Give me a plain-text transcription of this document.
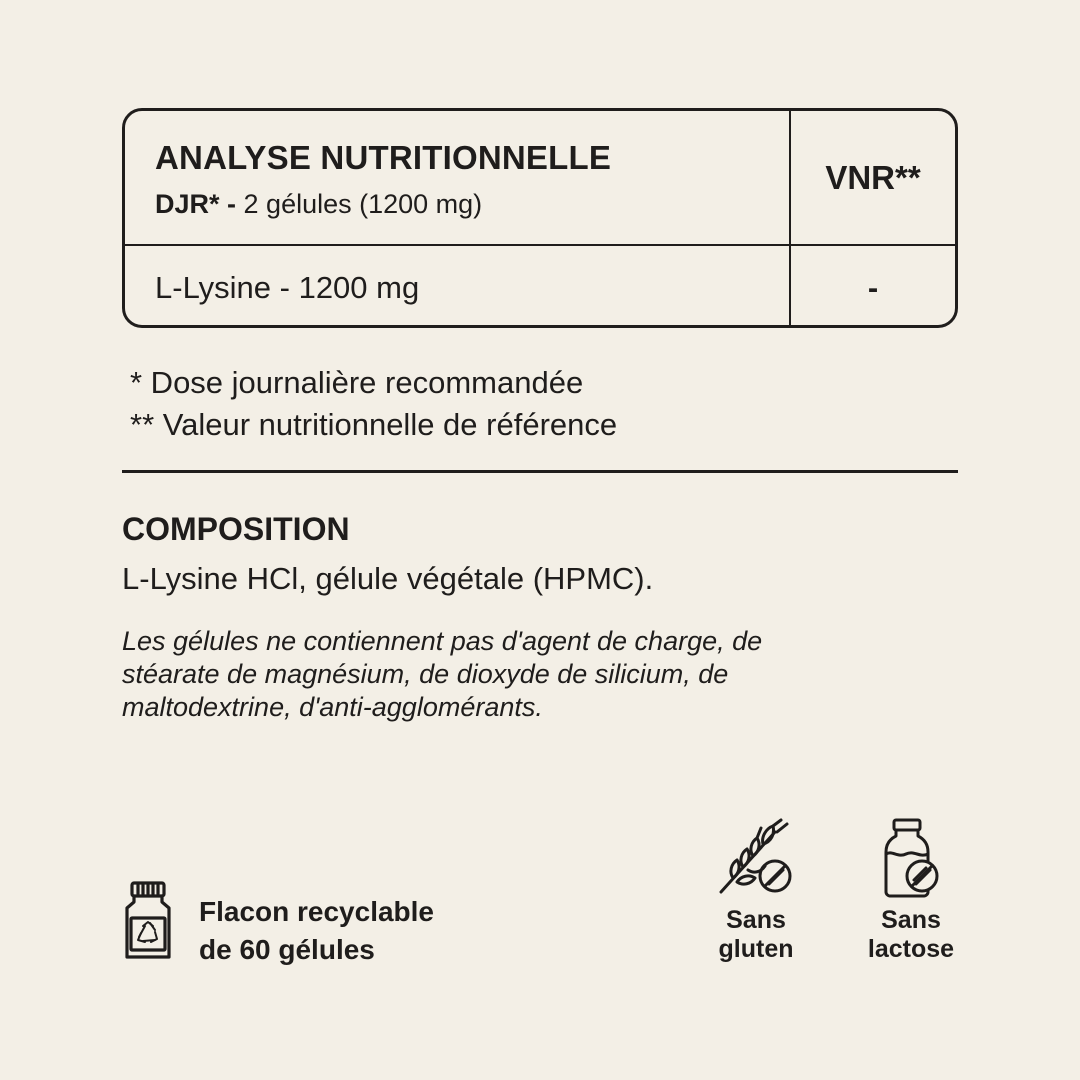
ANALYSE NUTRITIONNELLE
DJR* - 2 gélules (1200 mg)
VNR**
L-Lysine - 1200 mg	-
* Dose journalière recommandée
** Valeur nutritionnelle de référence
COMPOSITION
L-Lysine HCl, gélule végétale (HPMC).
Les gélules ne contiennent pas d'agent de charge, de
stéarate de magnésium, de dioxyde de silicium, de
maltodextrine, d'anti-agglomérants.
Flacon recyclable
de 60 gélules
Sans
gluten
Sans
lactose
